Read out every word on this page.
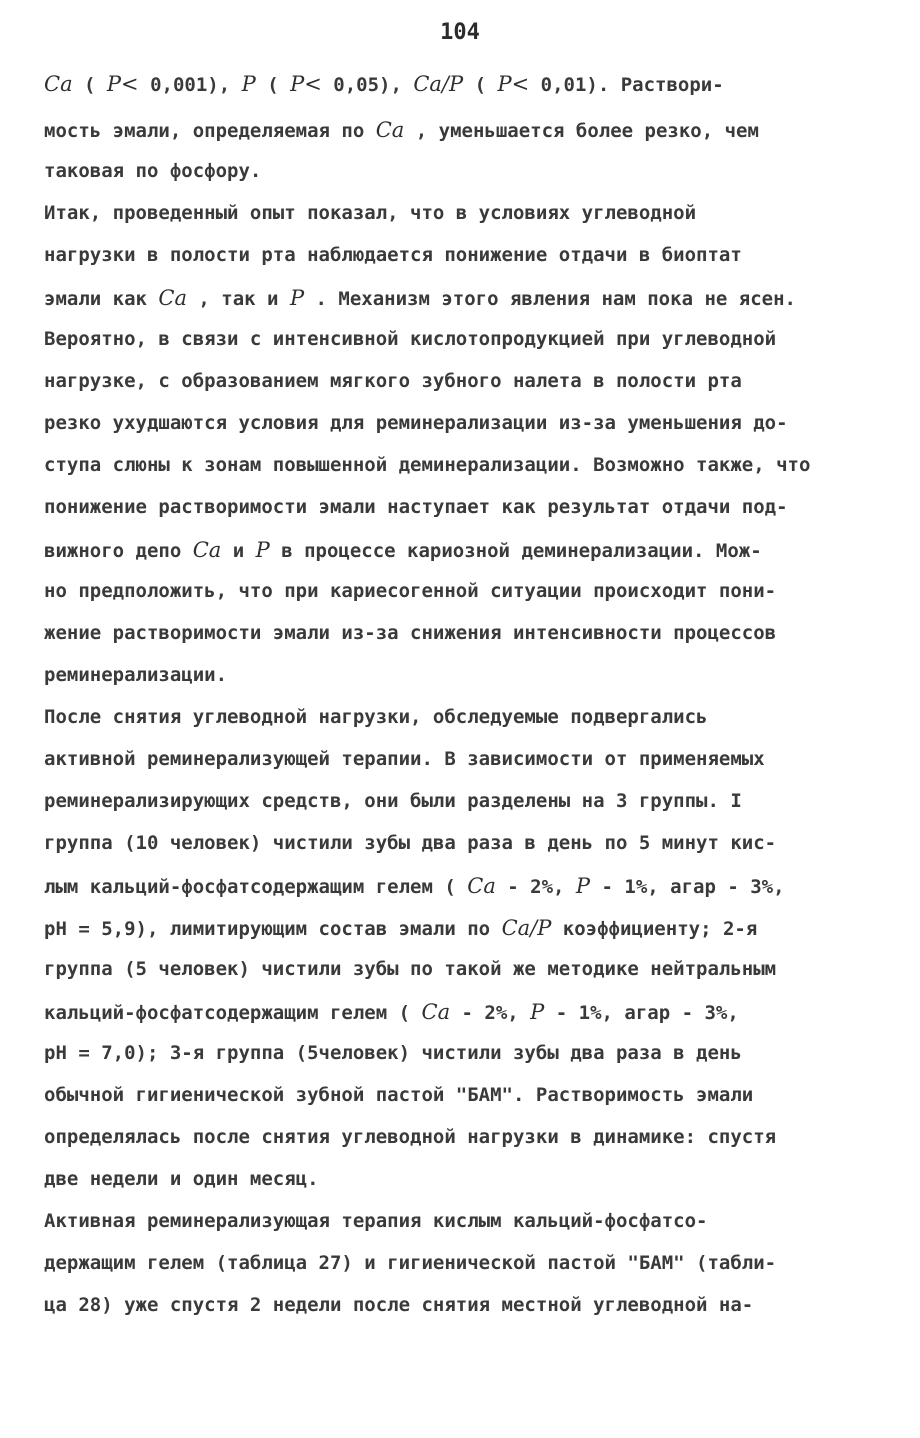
104
Ca ( P< 0,001), P ( P< 0,05), Ca/P ( P< 0,01). Раствори-
мость эмали, определяемая по Ca , уменьшается более резко, чем
таковая по фосфору.
Итак, проведенный опыт показал, что в условиях углеводной
нагрузки в полости рта наблюдается понижение отдачи в биоптат
эмали как Ca , так и P . Механизм этого явления нам пока не ясен.
Вероятно, в связи с интенсивной кислотопродукцией при углеводной
нагрузке, с образованием мягкого зубного налета в полости рта
резко ухудшаются условия для реминерализации из-за уменьшения до-
ступа слюны к зонам повышенной деминерализации. Возможно также, что
понижение растворимости эмали наступает как результат отдачи под-
вижного депо Ca и P в процессе кариозной деминерализации. Мож-
но предположить, что при кариесогенной ситуации происходит пони-
жение растворимости эмали из-за снижения интенсивности процессов
реминерализации.
После снятия углеводной нагрузки, обследуемые подвергались
активной реминерализующей терапии. В зависимости от применяемых
реминерализирующих средств, они были разделены на 3 группы. I
группа (10 человек) чистили зубы два раза в день по 5 минут кис-
лым кальций-фосфатсодержащим гелем ( Ca - 2%, P - 1%, агар - 3%,
pH = 5,9), лимитирующим состав эмали по Ca/P коэффициенту; 2-я
группа (5 человек) чистили зубы по такой же методике нейтральным
кальций-фосфатсодержащим гелем ( Ca - 2%, P - 1%, агар - 3%,
pH = 7,0); 3-я группа (5человек) чистили зубы два раза в день
обычной гигиенической зубной пастой "БАМ". Растворимость эмали
определялась после снятия углеводной нагрузки в динамике: спустя
две недели и один месяц.
Активная реминерализующая терапия кислым кальций-фосфатсо-
держащим гелем (таблица 27) и гигиенической пастой "БАМ" (табли-
ца 28) уже спустя 2 недели после снятия местной углеводной на-
